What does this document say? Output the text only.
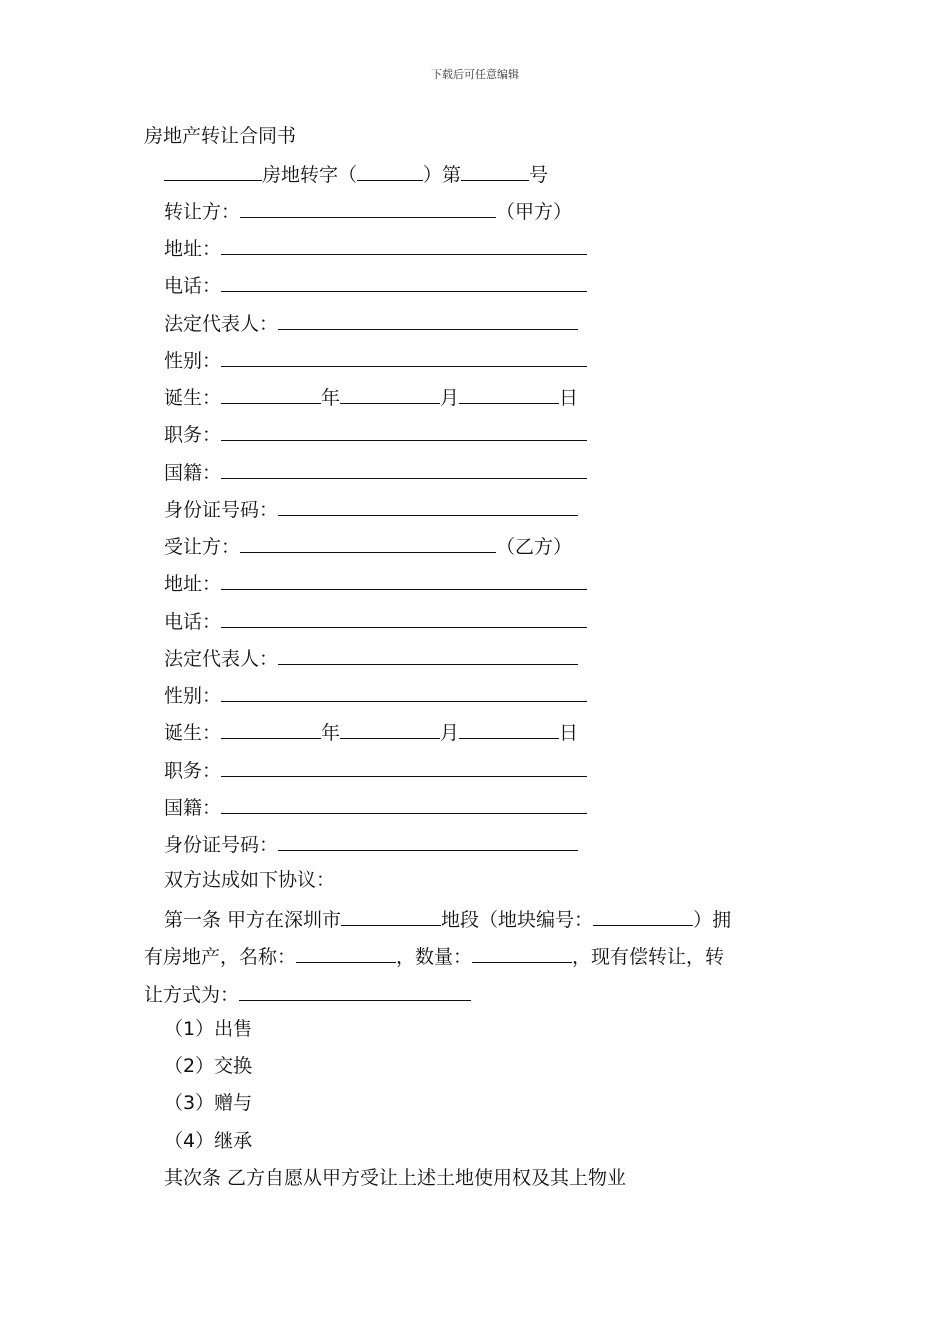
下载后可任意编辑
房地产转让合同书
房地转字（	）第	号
转让方：	（甲方）
地址：
电话：
法定代表人：
性别：
诞生：	年	月	日
职务：
国籍：
身份证号码：
受让方：	（乙方）
地址：
电话：
法定代表人：
性别：
诞生：	年	月	日
职务：
国籍：
身份证号码：
双方达成如下协议：
第一条 甲方在深圳市	地段（地块编号：	）拥
有房地产，名称：	，数量：	，现有偿转让，转
让方式为：
（1）出售
（2）交换
（3）赠与
（4）继承
其次条 乙方自愿从甲方受让上述土地使用权及其上物业
